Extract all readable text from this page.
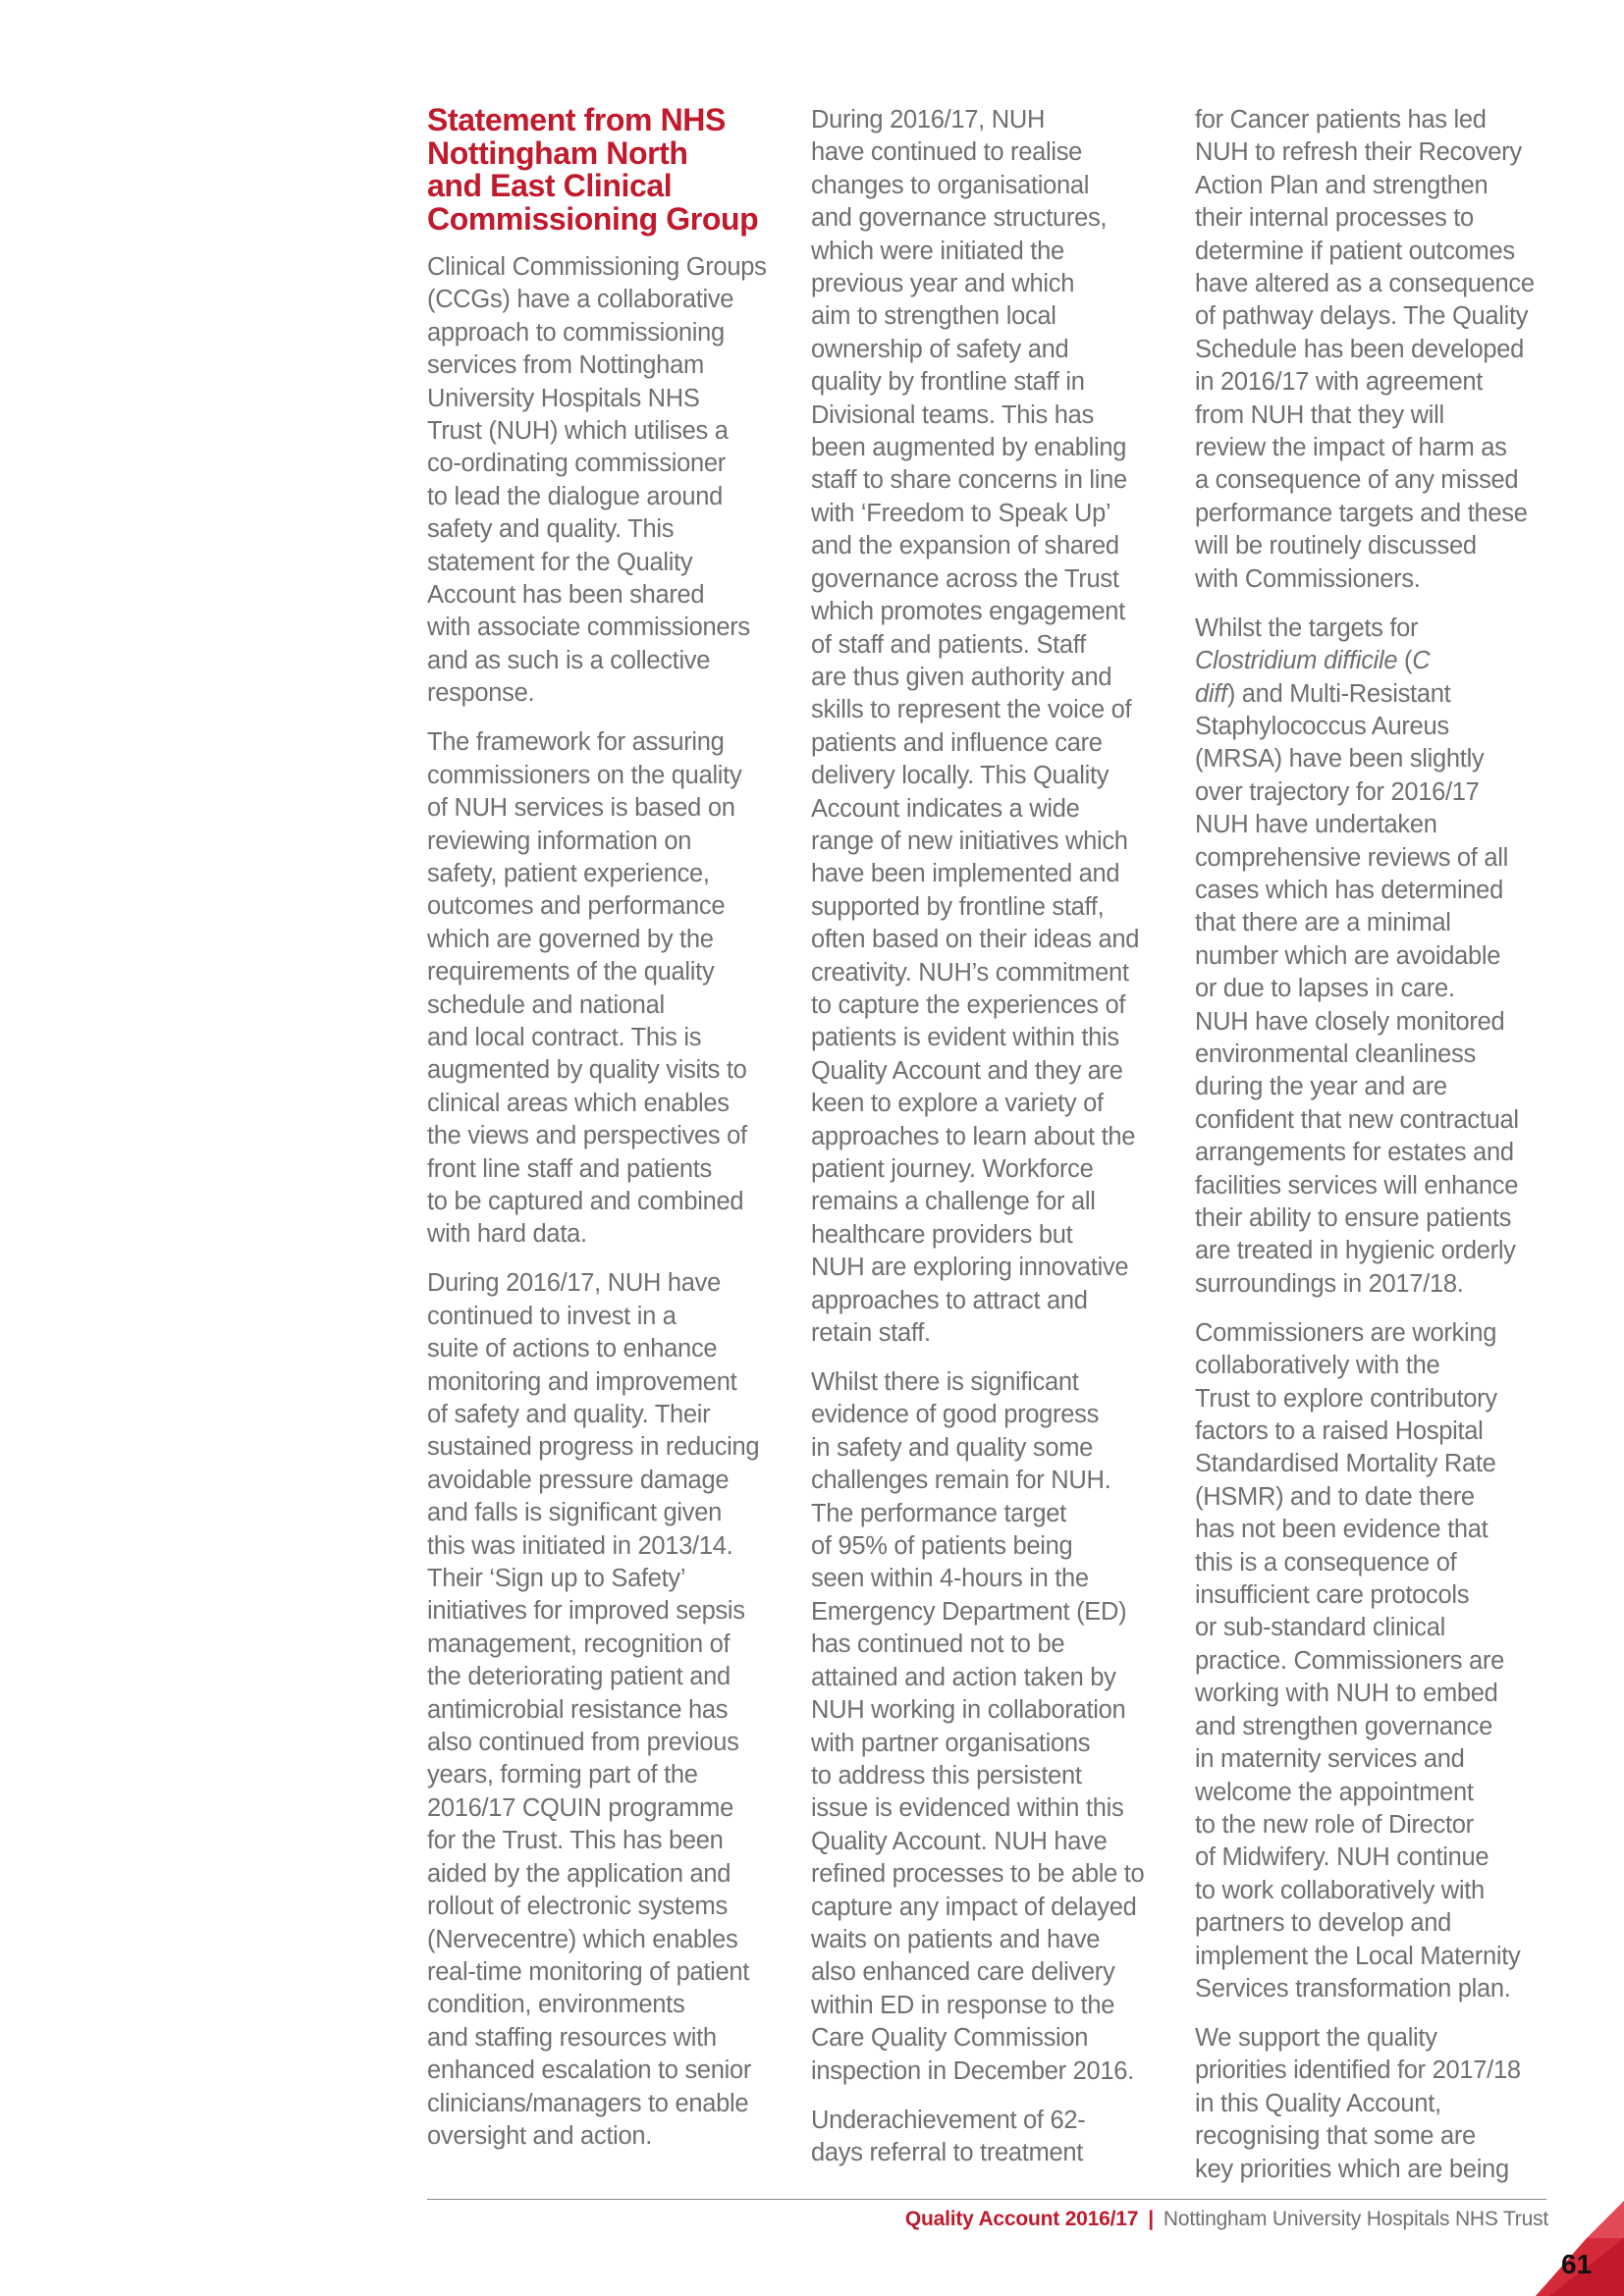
Statement from NHS
Nottingham North
and East Clinical
Commissioning Group

Clinical Commissioning Groups
(CCGs) have a collaborative
approach to commissioning
services from Nottingham
University Hospitals NHS
Trust (NUH) which utilises a
co-ordinating commissioner
to lead the dialogue around
safety and quality. This
statement for the Quality
Account has been shared
with associate commissioners
and as such is a collective
response.

The framework for assuring
commissioners on the quality
of NUH services is based on
reviewing information on
safety, patient experience,
outcomes and performance
which are governed by the
requirements of the quality
schedule and national
and local contract. This is
augmented by quality visits to
clinical areas which enables
the views and perspectives of
front line staff and patients
to be captured and combined
with hard data.

During 2016/17, NUH have
continued to invest in a
suite of actions to enhance
monitoring and improvement
of safety and quality. Their
sustained progress in reducing
avoidable pressure damage
and falls is significant given
this was initiated in 2013/14.
Their ‘Sign up to Safety’
initiatives for improved sepsis
management, recognition of
the deteriorating patient and
antimicrobial resistance has
also continued from previous
years, forming part of the
2016/17 CQUIN programme
for the Trust. This has been
aided by the application and
rollout of electronic systems
(Nervecentre) which enables
real-time monitoring of patient
condition, environments
and staffing resources with
enhanced escalation to senior
clinicians/managers to enable
oversight and action.

During 2016/17, NUH
have continued to realise
changes to organisational
and governance structures,
which were initiated the
previous year and which
aim to strengthen local
ownership of safety and
quality by frontline staff in
Divisional teams. This has
been augmented by enabling
staff to share concerns in line
with ‘Freedom to Speak Up’
and the expansion of shared
governance across the Trust
which promotes engagement
of staff and patients. Staff
are thus given authority and
skills to represent the voice of
patients and influence care
delivery locally. This Quality
Account indicates a wide
range of new initiatives which
have been implemented and
supported by frontline staff,
often based on their ideas and
creativity. NUH’s commitment
to capture the experiences of
patients is evident within this
Quality Account and they are
keen to explore a variety of
approaches to learn about the
patient journey. Workforce
remains a challenge for all
healthcare providers but
NUH are exploring innovative
approaches to attract and
retain staff.

Whilst there is significant
evidence of good progress
in safety and quality some
challenges remain for NUH.
The performance target
of 95% of patients being
seen within 4-hours in the
Emergency Department (ED)
has continued not to be
attained and action taken by
NUH working in collaboration
with partner organisations
to address this persistent
issue is evidenced within this
Quality Account. NUH have
refined processes to be able to
capture any impact of delayed
waits on patients and have
also enhanced care delivery
within ED in response to the
Care Quality Commission
inspection in December 2016.

Underachievement of 62-
days referral to treatment

for Cancer patients has led
NUH to refresh their Recovery
Action Plan and strengthen
their internal processes to
determine if patient outcomes
have altered as a consequence
of pathway delays. The Quality
Schedule has been developed
in 2016/17 with agreement
from NUH that they will
review the impact of harm as
a consequence of any missed
performance targets and these
will be routinely discussed
with Commissioners.

Whilst the targets for
Clostridium difficile (C
diff) and Multi-Resistant
Staphylococcus Aureus
(MRSA) have been slightly
over trajectory for 2016/17
NUH have undertaken
comprehensive reviews of all
cases which has determined
that there are a minimal
number which are avoidable
or due to lapses in care.
NUH have closely monitored
environmental cleanliness
during the year and are
confident that new contractual
arrangements for estates and
facilities services will enhance
their ability to ensure patients
are treated in hygienic orderly
surroundings in 2017/18.

Commissioners are working
collaboratively with the
Trust to explore contributory
factors to a raised Hospital
Standardised Mortality Rate
(HSMR) and to date there
has not been evidence that
this is a consequence of
insufficient care protocols
or sub-standard clinical
practice. Commissioners are
working with NUH to embed
and strengthen governance
in maternity services and
welcome the appointment
to the new role of Director
of Midwifery. NUH continue
to work collaboratively with
partners to develop and
implement the Local Maternity
Services transformation plan.

We support the quality
priorities identified for 2017/18
in this Quality Account,
recognising that some are
key priorities which are being

Quality Account 2016/17 | Nottingham University Hospitals NHS Trust
61
